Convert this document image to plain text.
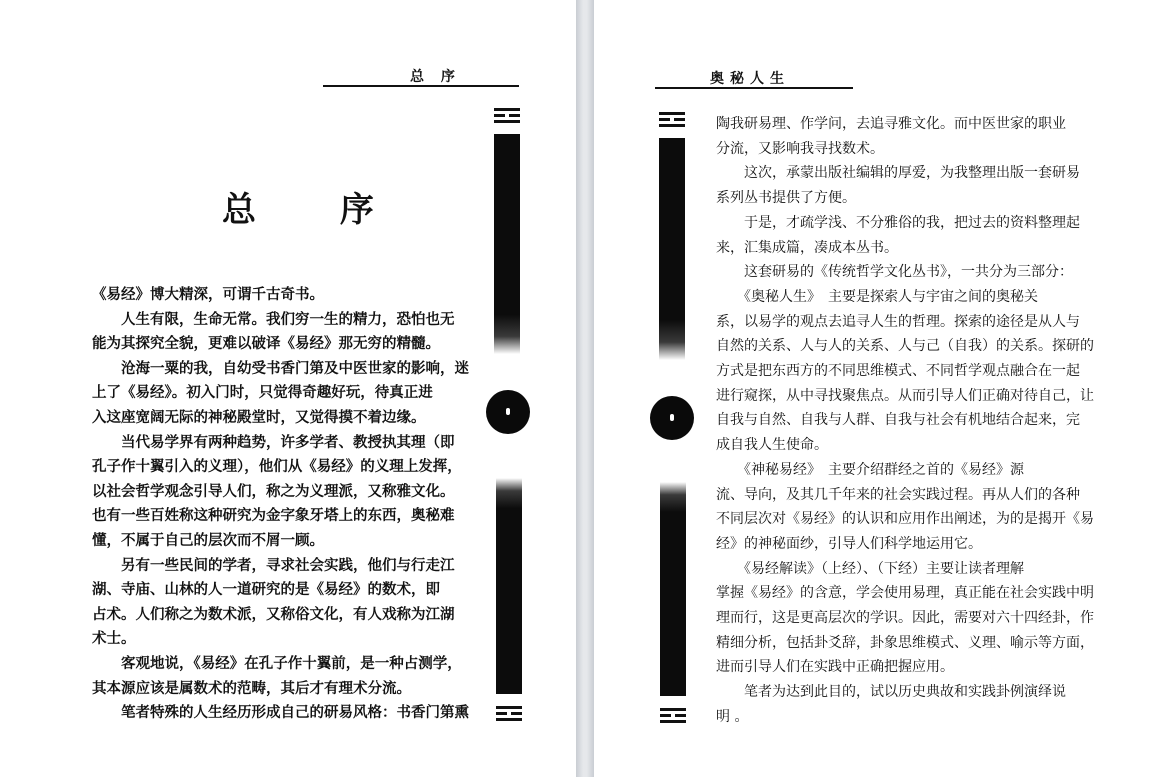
总 序
总 序

《易经》博大精深，可谓千古奇书。

　　人生有限，生命无常。我们穷一生的精力，恐怕也无

能为其探究全貌，更难以破译《易经》那无穷的精髓。

　　沧海一粟的我，自幼受书香门第及中医世家的影响，迷

上了《易经》。初入门时，只觉得奇趣好玩，待真正进

入这座宽阔无际的神秘殿堂时，又觉得摸不着边缘。

　　当代易学界有两种趋势，许多学者、教授执其理（即

孔子作十翼引入的义理），他们从《易经》的义理上发挥，

以社会哲学观念引导人们，称之为义理派，又称雅文化。

也有一些百姓称这种研究为金字象牙塔上的东西，奥秘难

懂，不属于自己的层次而不屑一顾。

　　另有一些民间的学者，寻求社会实践，他们与行走江

湖、寺庙、山林的人一道研究的是《易经》的数术，即

占术。人们称之为数术派，又称俗文化，有人戏称为江湖

术士。

　　客观地说，《易经》在孔子作十翼前，是一种占测学，

其本源应该是属数术的范畴，其后才有理术分流。

　　笔者特殊的人生经历形成自己的研易风格：书香门第熏

奥秘人生

陶我研易理、作学问，去追寻雅文化。而中医世家的职业

分流，又影响我寻找数术。

　　这次，承蒙出版社编辑的厚爱，为我整理出版一套研易

系列丛书提供了方便。

　　于是，才疏学浅、不分雅俗的我，把过去的资料整理起

来，汇集成篇，凑成本丛书。

　　这套研易的《传统哲学文化丛书》，一共分为三部分：

　　《奥秘人生》　主要是探索人与宇宙之间的奥秘关

系，以易学的观点去追寻人生的哲理。探索的途径是从人与

自然的关系、人与人的关系、人与己（自我）的关系。探研的

方式是把东西方的不同思维模式、不同哲学观点融合在一起

进行窥探，从中寻找聚焦点。从而引导人们正确对待自己，让

自我与自然、自我与人群、自我与社会有机地结合起来，完

成自我人生使命。

　　《神秘易经》　主要介绍群经之首的《易经》源

流、导向，及其几千年来的社会实践过程。再从人们的各种

不同层次对《易经》的认识和应用作出阐述，为的是揭开《易

经》的神秘面纱，引导人们科学地运用它。

　　《易经解读》（上经）、（下经）主要让读者理解

掌握《易经》的含意，学会使用易理，真正能在社会实践中明

理而行，这是更高层次的学识。因此，需要对六十四经卦，作

精细分析，包括卦爻辞，卦象思维模式、义理、喻示等方面，

进而引导人们在实践中正确把握应用。

　　笔者为达到此目的，试以历史典故和实践卦例演绎说

明 。
